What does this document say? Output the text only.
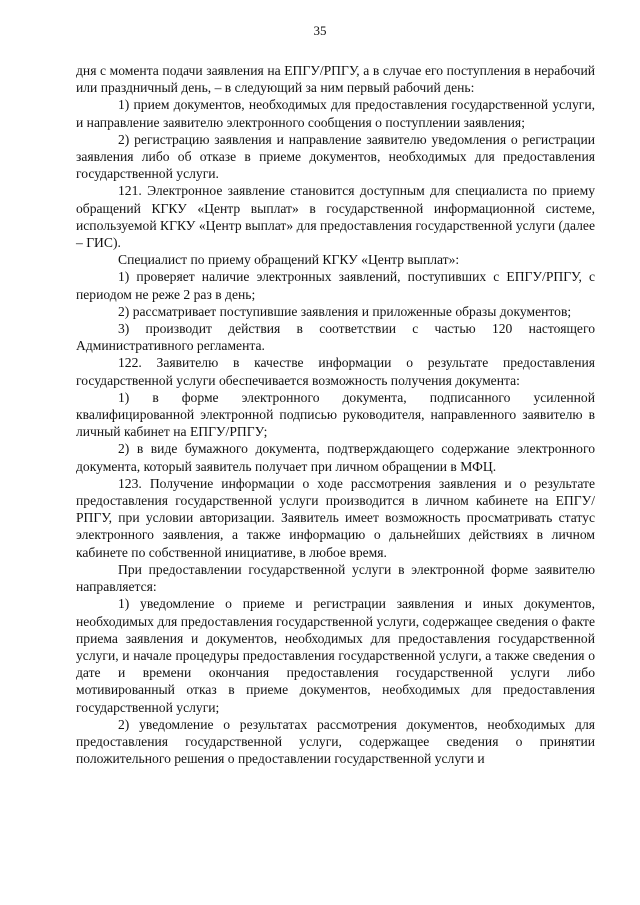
35

дня с момента подачи заявления на ЕПГУ/РПГУ, а в случае его поступления в нерабочий или праздничный день, – в следующий за ним первый рабочий день:

1) прием документов, необходимых для предоставления государственной услуги, и направление заявителю электронного сообщения о поступлении заявления;

2) регистрацию заявления и направление заявителю уведомления о регистрации заявления либо об отказе в приеме документов, необходимых для предоставления государственной услуги.

121. Электронное заявление становится доступным для специалиста по приему обращений КГКУ «Центр выплат» в государственной информационной системе, используемой КГКУ «Центр выплат» для предоставления государственной услуги (далее – ГИС).

Специалист по приему обращений КГКУ «Центр выплат»:

1) проверяет наличие электронных заявлений, поступивших с ЕПГУ/РПГУ, с периодом не реже 2 раз в день;

2) рассматривает поступившие заявления и приложенные образы документов;

3) производит действия в соответствии с частью 120 настоящего Административного регламента.

122. Заявителю в качестве информации о результате предоставления государственной услуги обеспечивается возможность получения документа:

1) в форме электронного документа, подписанного усиленной квалифицированной электронной подписью руководителя, направленного заявителю в личный кабинет на ЕПГУ/РПГУ;

2) в виде бумажного документа, подтверждающего содержание электронного документа, который заявитель получает при личном обращении в МФЦ.

123. Получение информации о ходе рассмотрения заявления и о результате предоставления государственной услуги производится в личном кабинете на ЕПГУ/РПГУ, при условии авторизации. Заявитель имеет возможность просматривать статус электронного заявления, а также информацию о дальнейших действиях в личном кабинете по собственной инициативе, в любое время.

При предоставлении государственной услуги в электронной форме заявителю направляется:

1) уведомление о приеме и регистрации заявления и иных документов, необходимых для предоставления государственной услуги, содержащее сведения о факте приема заявления и документов, необходимых для предоставления государственной услуги, и начале процедуры предоставления государственной услуги, а также сведения о дате и времени окончания предоставления государственной услуги либо мотивированный отказ в приеме документов, необходимых для предоставления государственной услуги;

2) уведомление о результатах рассмотрения документов, необходимых для предоставления государственной услуги, содержащее сведения о принятии положительного решения о предоставлении государственной услуги и
